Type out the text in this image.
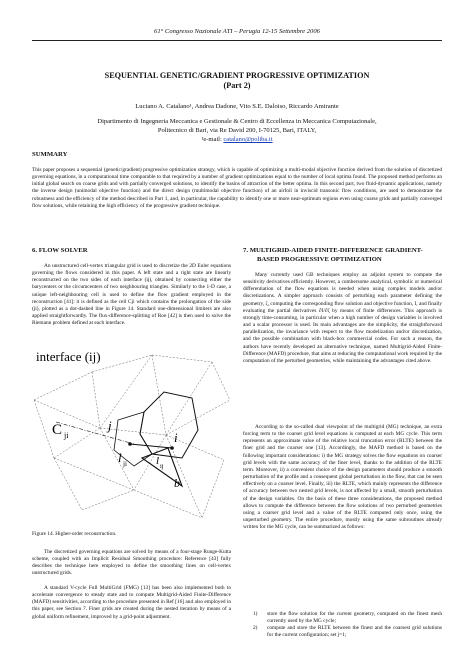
61° Congresso Nazionale ATI – Perugia 12-15 Settembre 2006
SEQUENTIAL GENETIC/GRADIENT PROGRESSIVE OPTIMIZATION
(Part 2)
Luciano A. Catalano¹, Andrea Dadone, Vito S.E. Daloiso, Riccardo Amirante
Dipartimento di Ingegneria Meccanica e Gestionale & Centro di Eccellenza in Meccanica Computazionale,
Politecnico di Bari, via Re David 200, I-70125, Bari, ITALY,
¹e-mail: catalano@poliba.it
SUMMARY
This paper proposes a sequential (genetic/gradient) progressive optimization strategy, which is capable of optimizing a multi-modal objective function derived from the solution of discretized governing equations, in a computational time comparable to that required by a number of gradient optimizations equal to the number of local optima found. The proposed method performs an initial global search on coarse grids and with partially converged solutions, to identify the basins of attraction of the better optima. In this second part, two fluid-dynamic applications, namely the inverse design (unimodal objective function) and the direct design (multimodal objective function) of an airfoil in inviscid transonic flow conditions, are used to demonstrate the robustness and the efficiency of the method described in Part 1, and, in particular, the capability to identify one or more near-optimum regions even using coarse grids and partially converged flow solutions, while retaining the high efficiency of the progressive gradient technique.
6. FLOW SOLVER
An unstructured cell-vertex triangular grid is used to discretize the 2D Euler equations governing the flows considered in this paper. A left state and a right state are linearly reconstructed on the two sides of each interface (ij), obtained by connecting either the barycenters or the circumcenters of two neighbouring triangles. Similarly to the 1-D case, a unique left-neighbouring cell is used to define the flow gradient employed in the reconstruction [41]: it is defined as the cell Cji which contains the prolongation of the side (ji), plotted as a dot-dashed line in Figure 14. Standard one-dimensional limiters are also applied straightforwardly. The flux-difference-splitting of Roe [42] is then used to solve the Riemann problem defined at each interface.
interface (ij)
C ji
j
l ji
i
l ij
b
Figure 14. Higher-order reconstruction.
The discretized governing equations are solved by means of a four-stage Runge-Kutta scheme, coupled with an Implicit Residual Smoothing procedure: Reference [43] fully describes the technique here employed to define the smoothing lines on cell-vertex unstructured grids.
A standard V-cycle Full MultiGrid (FMG) [13] has been also implemented both to accelerate convergence to steady state and to compute Multigrid-Aided Finite-Difference (MAFD) sensitivities, according to the procedure presented in Ref [16] and also employed in this paper, see Section 7. Finer grids are created during the nested iteration by means of a global uniform refinement, improved by a grid-point adjustment.
7. MULTIGRID-AIDED FINITE-DIFFERENCE GRADIENT-
BASED PROGRESSIVE OPTIMIZATION
Many currently used GB techniques employ an adjoint system to compute the sensitivity derivatives efficiently. However, a cumbersome analytical, symbolic or numerical differentiation of the flow equations is needed when using complex models and/or discretizations. A simpler approach consists of perturbing each parameter defining the geometry, ζ, computing the corresponding flow solution and objective function, I, and finally evaluating the partial derivatives ∂I/∂ζ by means of finite differences. This approach is strongly time-consuming, in particular when a high number of design variables is involved and a scalar processor is used. Its main advantages are the simplicity, the straightforward parallelization, the invariance with respect to the flow modelization and/or discretization, and the possible combination with black-box commercial codes. For such a reason, the authors have recently developed an alternative technique, named Multigrid-Aided Finite-Difference (MAFD) procedure, that aims at reducing the computational work required by the computation of the perturbed geometries, while maintaining the advantages cited above.
According to the so-called dual viewpoint of the multigrid (MG) technique, an extra forcing term to the coarser grid level equations is computed at each MG cycle. This term represents an approximate value of the relative local truncation error (RLTE) between the finer grid and the coarser one [13]. Accordingly, the MAFD method is based on the following important considerations: i) the MG strategy solves the flow equations on coarser grid levels with the same accuracy of the finer level, thanks to the addition of the RLTE term. Moreover, ii) a convenient choice of the design parameters should produce a smooth perturbation of the profile and a consequent global perturbation in the flow, that can be seen effectively on a coarser level. Finally, iii) the RLTE, which mainly represents the difference of accuracy between two nested grid levels, is not affected by a small, smooth perturbation of the design variables. On the basis of these three considerations, the proposed method allows to compute the difference between the flow solutions of two perturbed geometries using a coarser grid level and a value of the RLTE computed only once, using the unperturbed geometry. The entire procedure, mostly using the same subroutines already written for the MG cycle, can be summarized as follows:
1)	store the flow solution for the current geometry, computed on the finest mesh currently used by the MG cycle;
2)	compute and store the RLTE between the finest and the coarsest grid solutions for the current configuration; set j=1;
